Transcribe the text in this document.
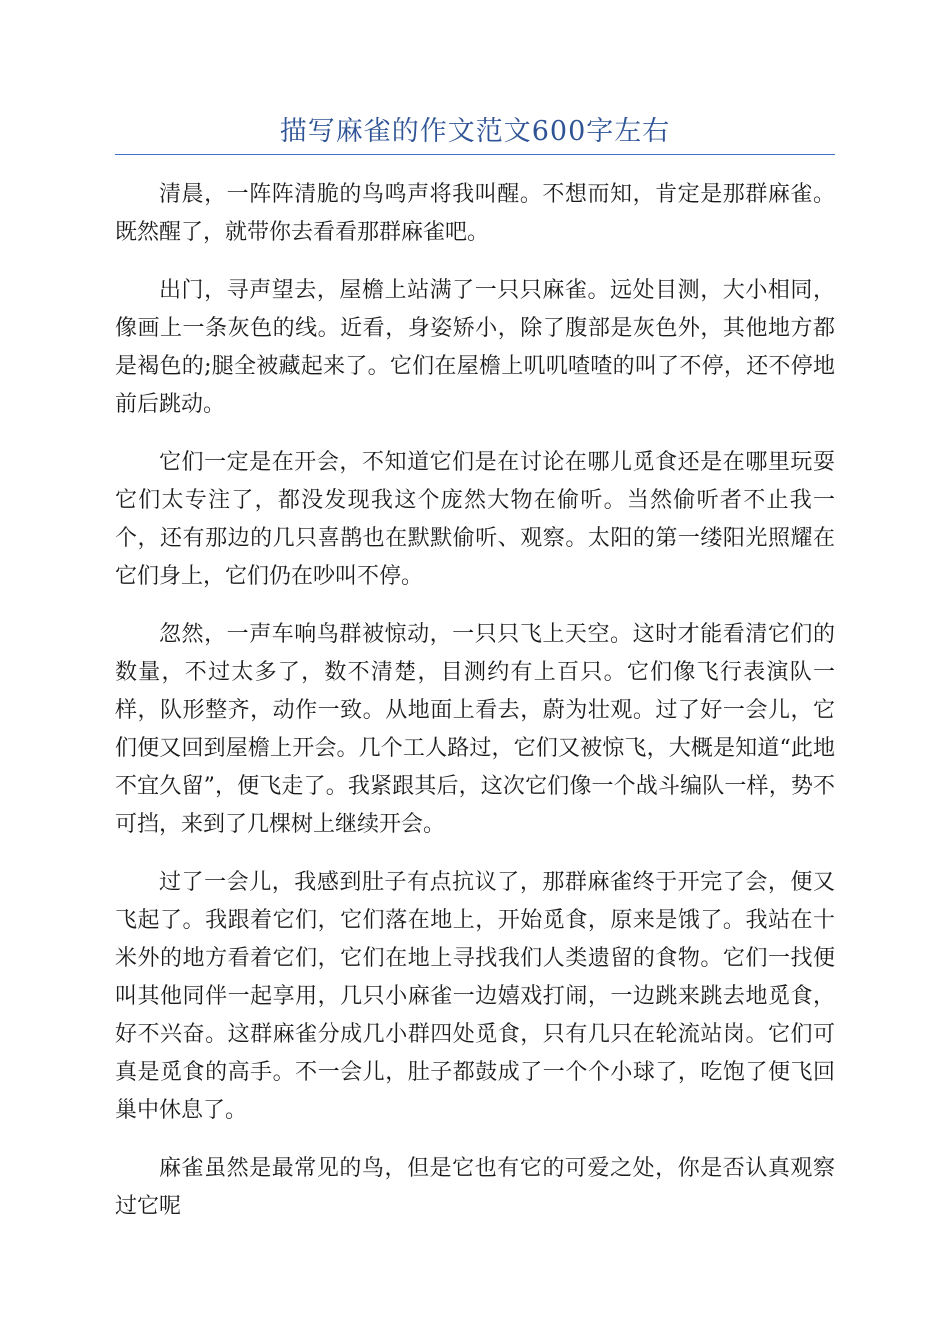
描写麻雀的作文范文600字左右

清晨，一阵阵清脆的鸟鸣声将我叫醒。不想而知，肯定是那群麻雀。既然醒了，就带你去看看那群麻雀吧。

出门，寻声望去，屋檐上站满了一只只麻雀。远处目测，大小相同，像画上一条灰色的线。近看，身姿矫小，除了腹部是灰色外，其他地方都是褐色的;腿全被藏起来了。它们在屋檐上叽叽喳喳的叫了不停，还不停地前后跳动。

它们一定是在开会，不知道它们是在讨论在哪儿觅食还是在哪里玩耍它们太专注了，都没发现我这个庞然大物在偷听。当然偷听者不止我一个，还有那边的几只喜鹊也在默默偷听、观察。太阳的第一缕阳光照耀在它们身上，它们仍在吵叫不停。

忽然，一声车响鸟群被惊动，一只只飞上天空。这时才能看清它们的数量，不过太多了，数不清楚，目测约有上百只。它们像飞行表演队一样，队形整齐，动作一致。从地面上看去，蔚为壮观。过了好一会儿，它们便又回到屋檐上开会。几个工人路过，它们又被惊飞，大概是知道“此地不宜久留”，便飞走了。我紧跟其后，这次它们像一个战斗编队一样，势不可挡，来到了几棵树上继续开会。

过了一会儿，我感到肚子有点抗议了，那群麻雀终于开完了会，便又飞起了。我跟着它们，它们落在地上，开始觅食，原来是饿了。我站在十米外的地方看着它们，它们在地上寻找我们人类遗留的食物。它们一找便叫其他同伴一起享用，几只小麻雀一边嬉戏打闹，一边跳来跳去地觅食，好不兴奋。这群麻雀分成几小群四处觅食，只有几只在轮流站岗。它们可真是觅食的高手。不一会儿，肚子都鼓成了一个个小球了，吃饱了便飞回巢中休息了。

麻雀虽然是最常见的鸟，但是它也有它的可爱之处，你是否认真观察过它呢
